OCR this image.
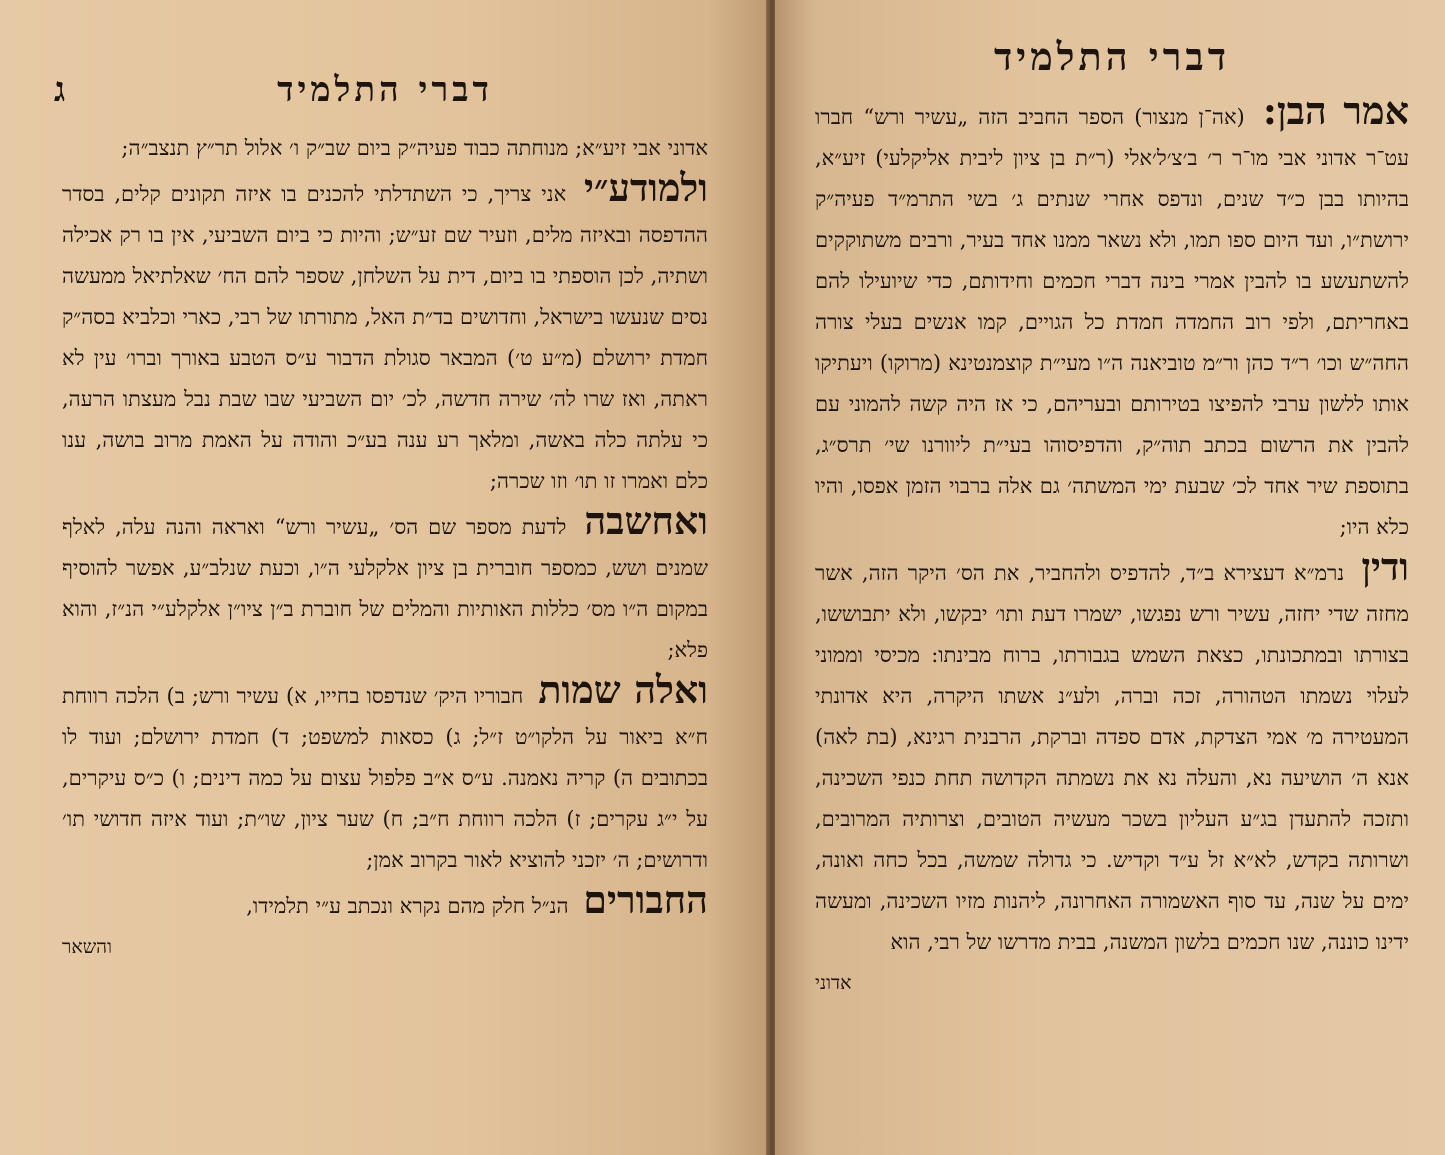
דברי התלמיד
ג

אדוני אבי זיע״א; מנוחתה כבוד פעיה״ק ביום שב״ק ו׳ אלול תר״ץ תנצב״ה;

ולמודע״י אני צריך, כי השתדלתי להכנים בו איזה תקונים קלים, בסדר ההדפסה ובאיזה מלים, וזעיר שם זע״ש; והיות כי ביום השביעי, אין בו רק אכילה ושתיה, לכן הוספתי בו ביום, דית על השלחן, שספר להם הח׳ שאלתיאל ממעשה נסים שנעשו בישראל, וחדושים בד״ת האל, מתורתו של רבי, כארי וכלביא בסה״ק חמדת ירושלם (מ״ע ט׳) המבאר סגולת הדבור ע״ס הטבע באורך וברו׳ עין לא ראתה, ואז שרו לה׳ שירה חדשה, לכ׳ יום השביעי שבו שבת נבל מעצתו הרעה, כי עלתה כלה באשה, ומלאך רע ענה בע״כ והודה על האמת מרוב בושה, ענו כלם ואמרו זו תו׳ וזו שכרה;

ואחשבה לדעת מספר שם הס׳ „עשיר ורש“ ואראה והנה עלה, לאלף שמנים ושש, כמספר חוברית בן ציון אלקלעי ה״ו, וכעת שנלב״ע, אפשר להוסיף במקום ה״ו מס׳ כללות האותיות והמלים של חוברת ב״ן ציו״ן אלקלע״י הנ״ז, והוא פלא;

ואלה שמות חבוריו היק׳ שנדפסו בחייו, א) עשיר ורש; ב) הלכה רווחת ח״א ביאור על הלקו״ט ז״ל; ג) כסאות למשפט; ד) חמדת ירושלם; ועוד לו בכתובים ה) קריה נאמנה. ע״ס א״ב פלפול עצום על כמה דינים; ו) כ״ס עיקרים, על י״ג עקרים; ז) הלכה רווחת ח״ב; ח) שער ציון, שו״ת; ועוד איזה חדושי תו׳ ודרושים; ה׳ יזכני להוציא לאור בקרוב אמן;

החבורים הנ״ל חלק מהם נקרא ונכתב ע״י תלמידו,

והשאר

דברי התלמיד

אמר הבן: (אה־ן מנצור) הספר החביב הזה „עשיר ורש“ חברו עט־ר אדוני אבי מו־ר ר׳ ב׳צ׳ל׳אלי (ר״ת בן ציון ליבית אליקלעי) זיע״א, בהיותו בבן כ״ד שנים, ונדפס אחרי שנתים ג׳ בשי התרמ״ד פעיה״ק ירושת״ו, ועד היום ספו תמו, ולא נשאר ממנו אחד בעיר, ורבים משתוקקים להשתעשע בו להבין אמרי בינה דברי חכמים וחידותם, כדי שיועילו להם באחריתם, ולפי רוב החמדה חמדת כל הגויים, קמו אנשים בעלי צורה החה״ש וכו׳ ר״ד כהן ור״מ טוביאנה ה״ו מעי״ת קוצמנטינא (מרוקו) ויעתיקו אותו ללשון ערבי להפיצו בטירותם ובעריהם, כי אז היה קשה להמוני עם להבין את הרשום בכתב תוה״ק, והדפיסוהו בעי״ת ליוורנו שי׳ תרס״ג, בתוספת שיר אחד לכ׳ שבעת ימי המשתה׳ גם אלה ברבוי הזמן אפסו, והיו כלא היו;

ודין נרמ״א דעצירא ב״ד, להדפיס ולהחביר, את הס׳ היקר הזה, אשר מחזה שדי יחזה, עשיר ורש נפגשו, ישמרו דעת ותו׳ יבקשו, ולא יתבוששו, בצורתו ובמתכונתו, כצאת השמש בגבורתו, ברוח מבינתו: מכיסי וממוני לעלוי נשמתו הטהורה, זכה וברה, ולע״נ אשתו היקרה, היא אדונתי המעטירה מ׳ אמי הצדקת, אדם ספדה וברקת, הרבנית רגינא, (בת לאה) אנא ה׳ הושיעה נא, והעלה נא את נשמתה הקדושה תחת כנפי השכינה, ותזכה להתעדן בג״ע העליון בשכר מעשיה הטובים, וצרותיה המרובים, ושרותה בקדש, לא״א זל ע״ד וקדיש. כי גדולה שמשה, בכל כחה ואונה, ימים על שנה, עד סוף האשמורה האחרונה, ליהנות מזיו השכינה, ומעשה ידינו כוננה, שנו חכמים בלשון המשנה, בבית מדרשו של רבי, הוא

אדוני
